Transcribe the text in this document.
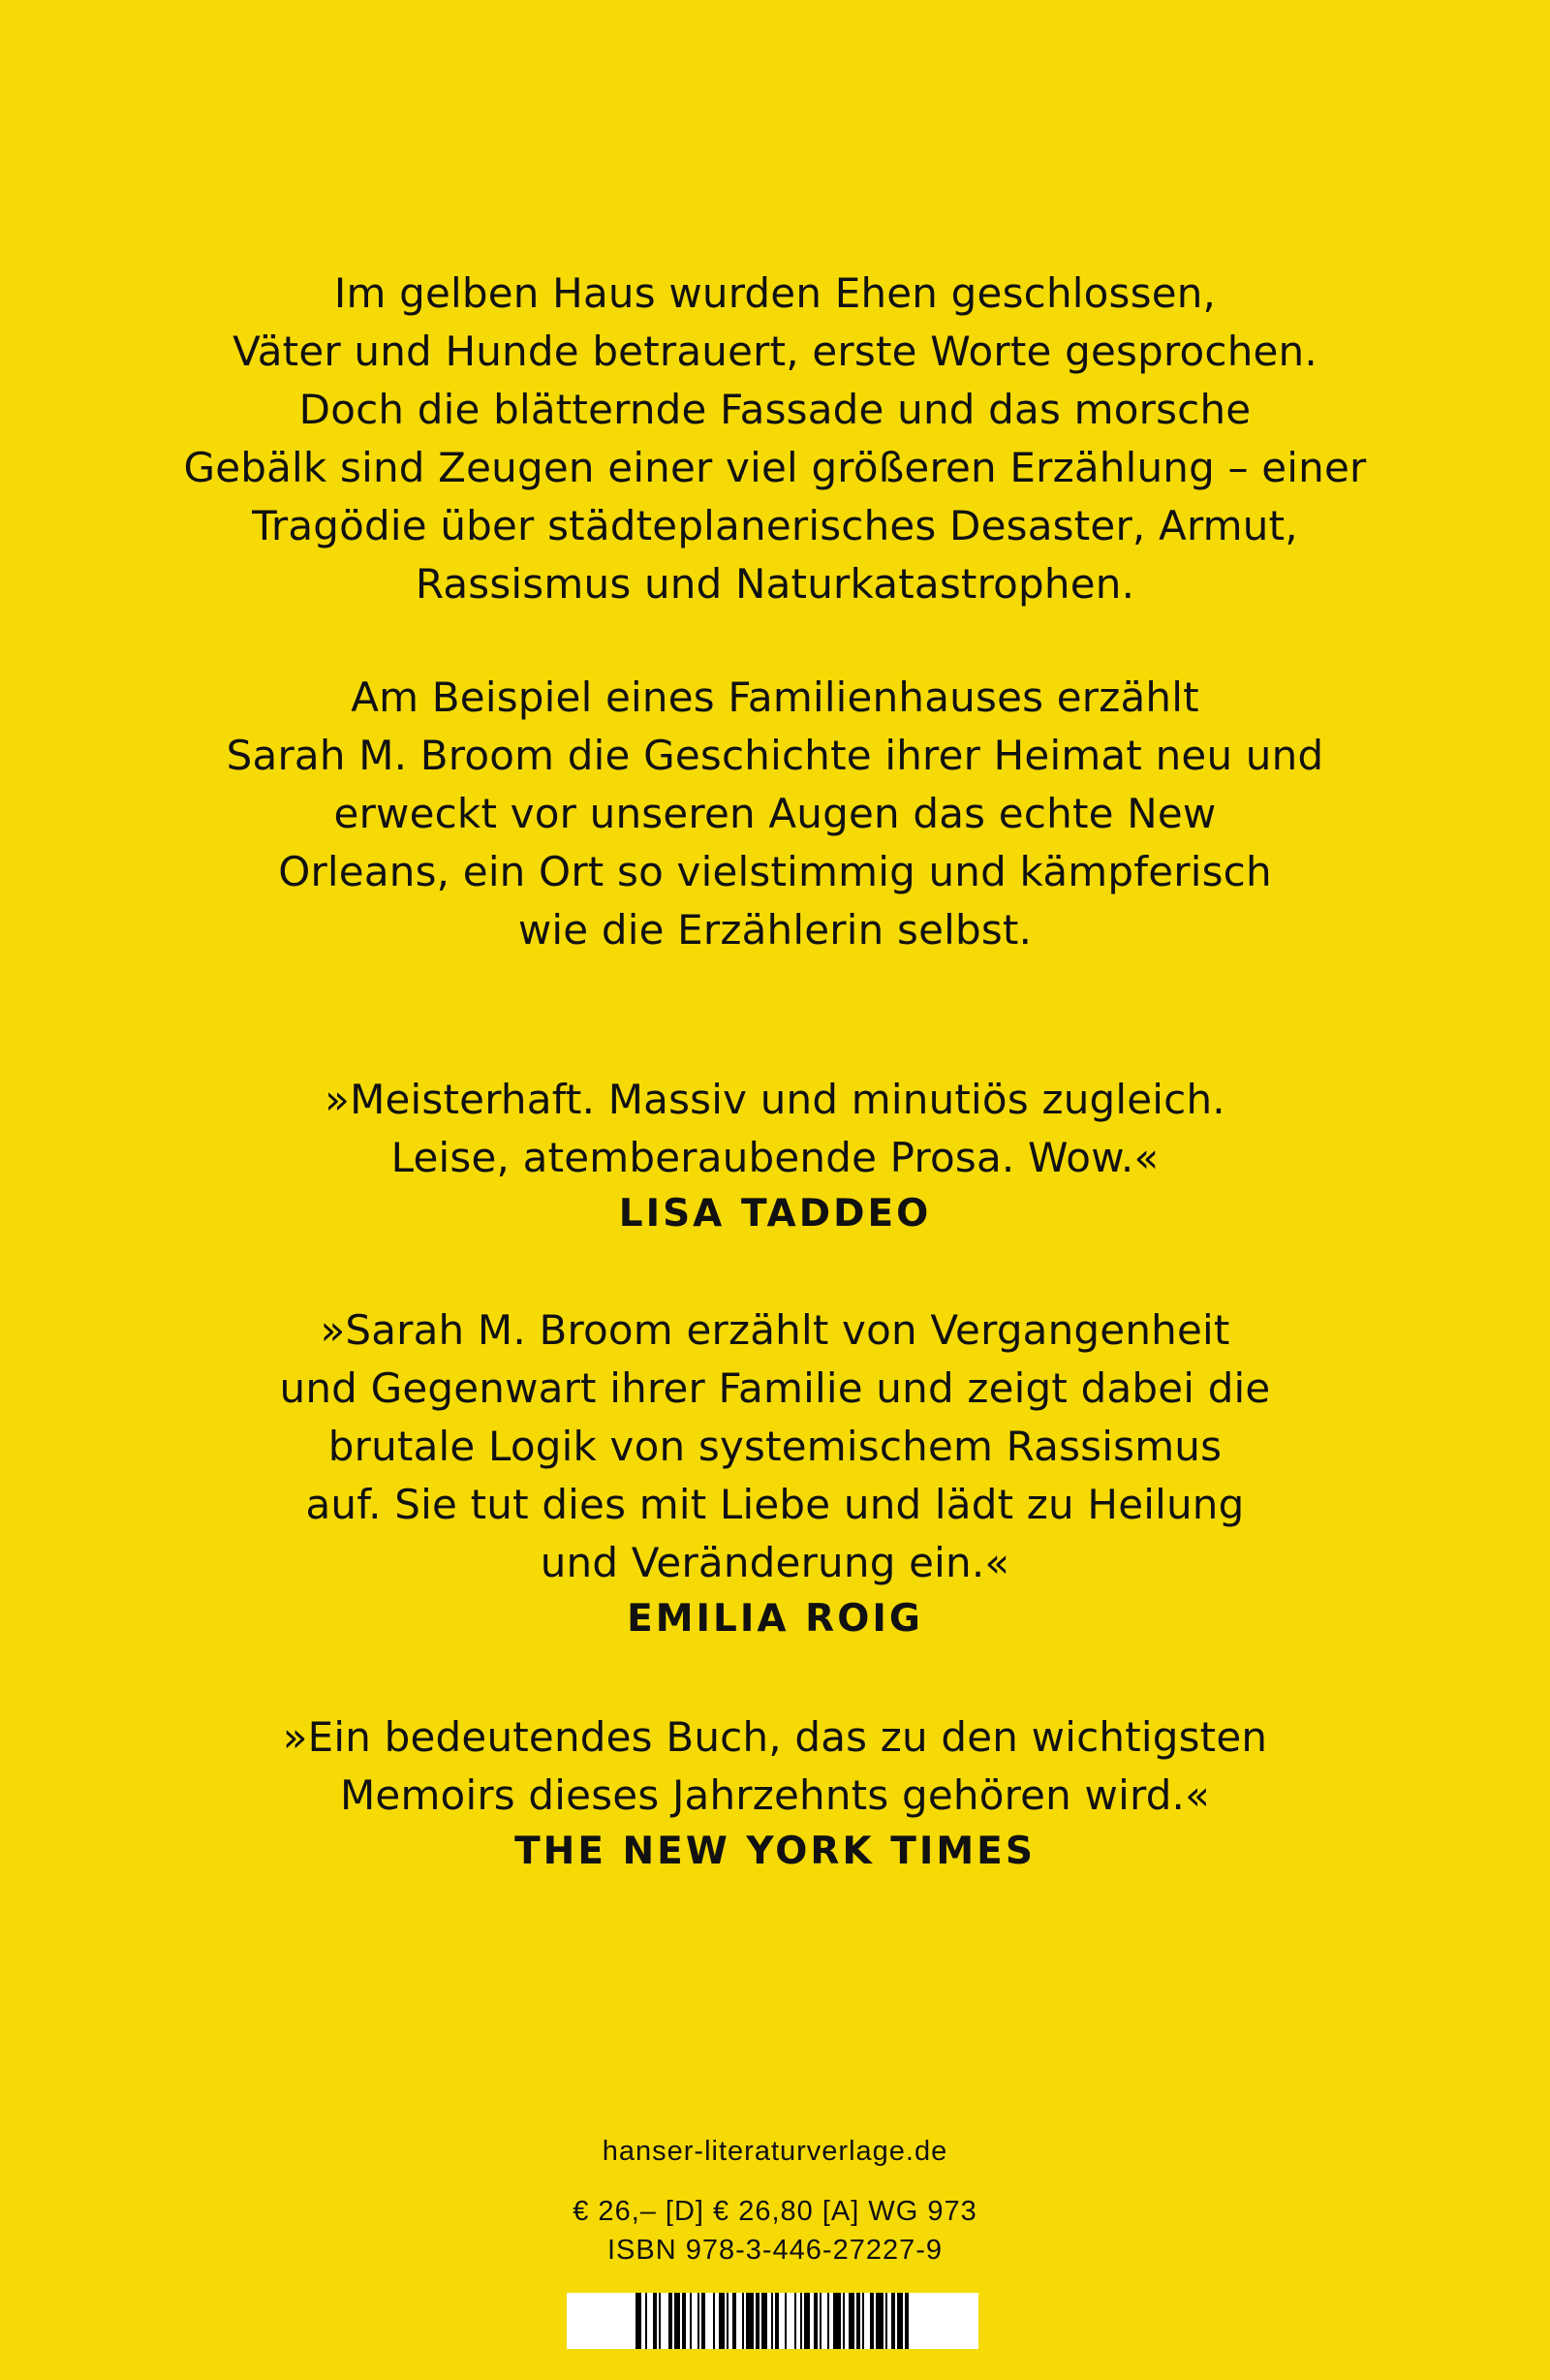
Im gelben Haus wurden Ehen geschlossen,
Väter und Hunde betrauert, erste Worte gesprochen.
Doch die blätternde Fassade und das morsche
Gebälk sind Zeugen einer viel größeren Erzählung – einer
Tragödie über städteplanerisches Desaster, Armut,
Rassismus und Naturkatastrophen.
Am Beispiel eines Familienhauses erzählt
Sarah M. Broom die Geschichte ihrer Heimat neu und
erweckt vor unseren Augen das echte New
Orleans, ein Ort so vielstimmig und kämpferisch
wie die Erzählerin selbst.
»Meisterhaft. Massiv und minutiös zugleich.
Leise, atemberaubende Prosa. Wow.«
LISA TADDEO
»Sarah M. Broom erzählt von Vergangenheit
und Gegenwart ihrer Familie und zeigt dabei die
brutale Logik von systemischem Rassismus
auf. Sie tut dies mit Liebe und lädt zu Heilung
und Veränderung ein.«
EMILIA ROIG
»Ein bedeutendes Buch, das zu den wichtigsten
Memoirs dieses Jahrzehnts gehören wird.«
THE NEW YORK TIMES
hanser-literaturverlage.de
€ 26,– [D] € 26,80 [A] WG 973
ISBN 978-3-446-27227-9
